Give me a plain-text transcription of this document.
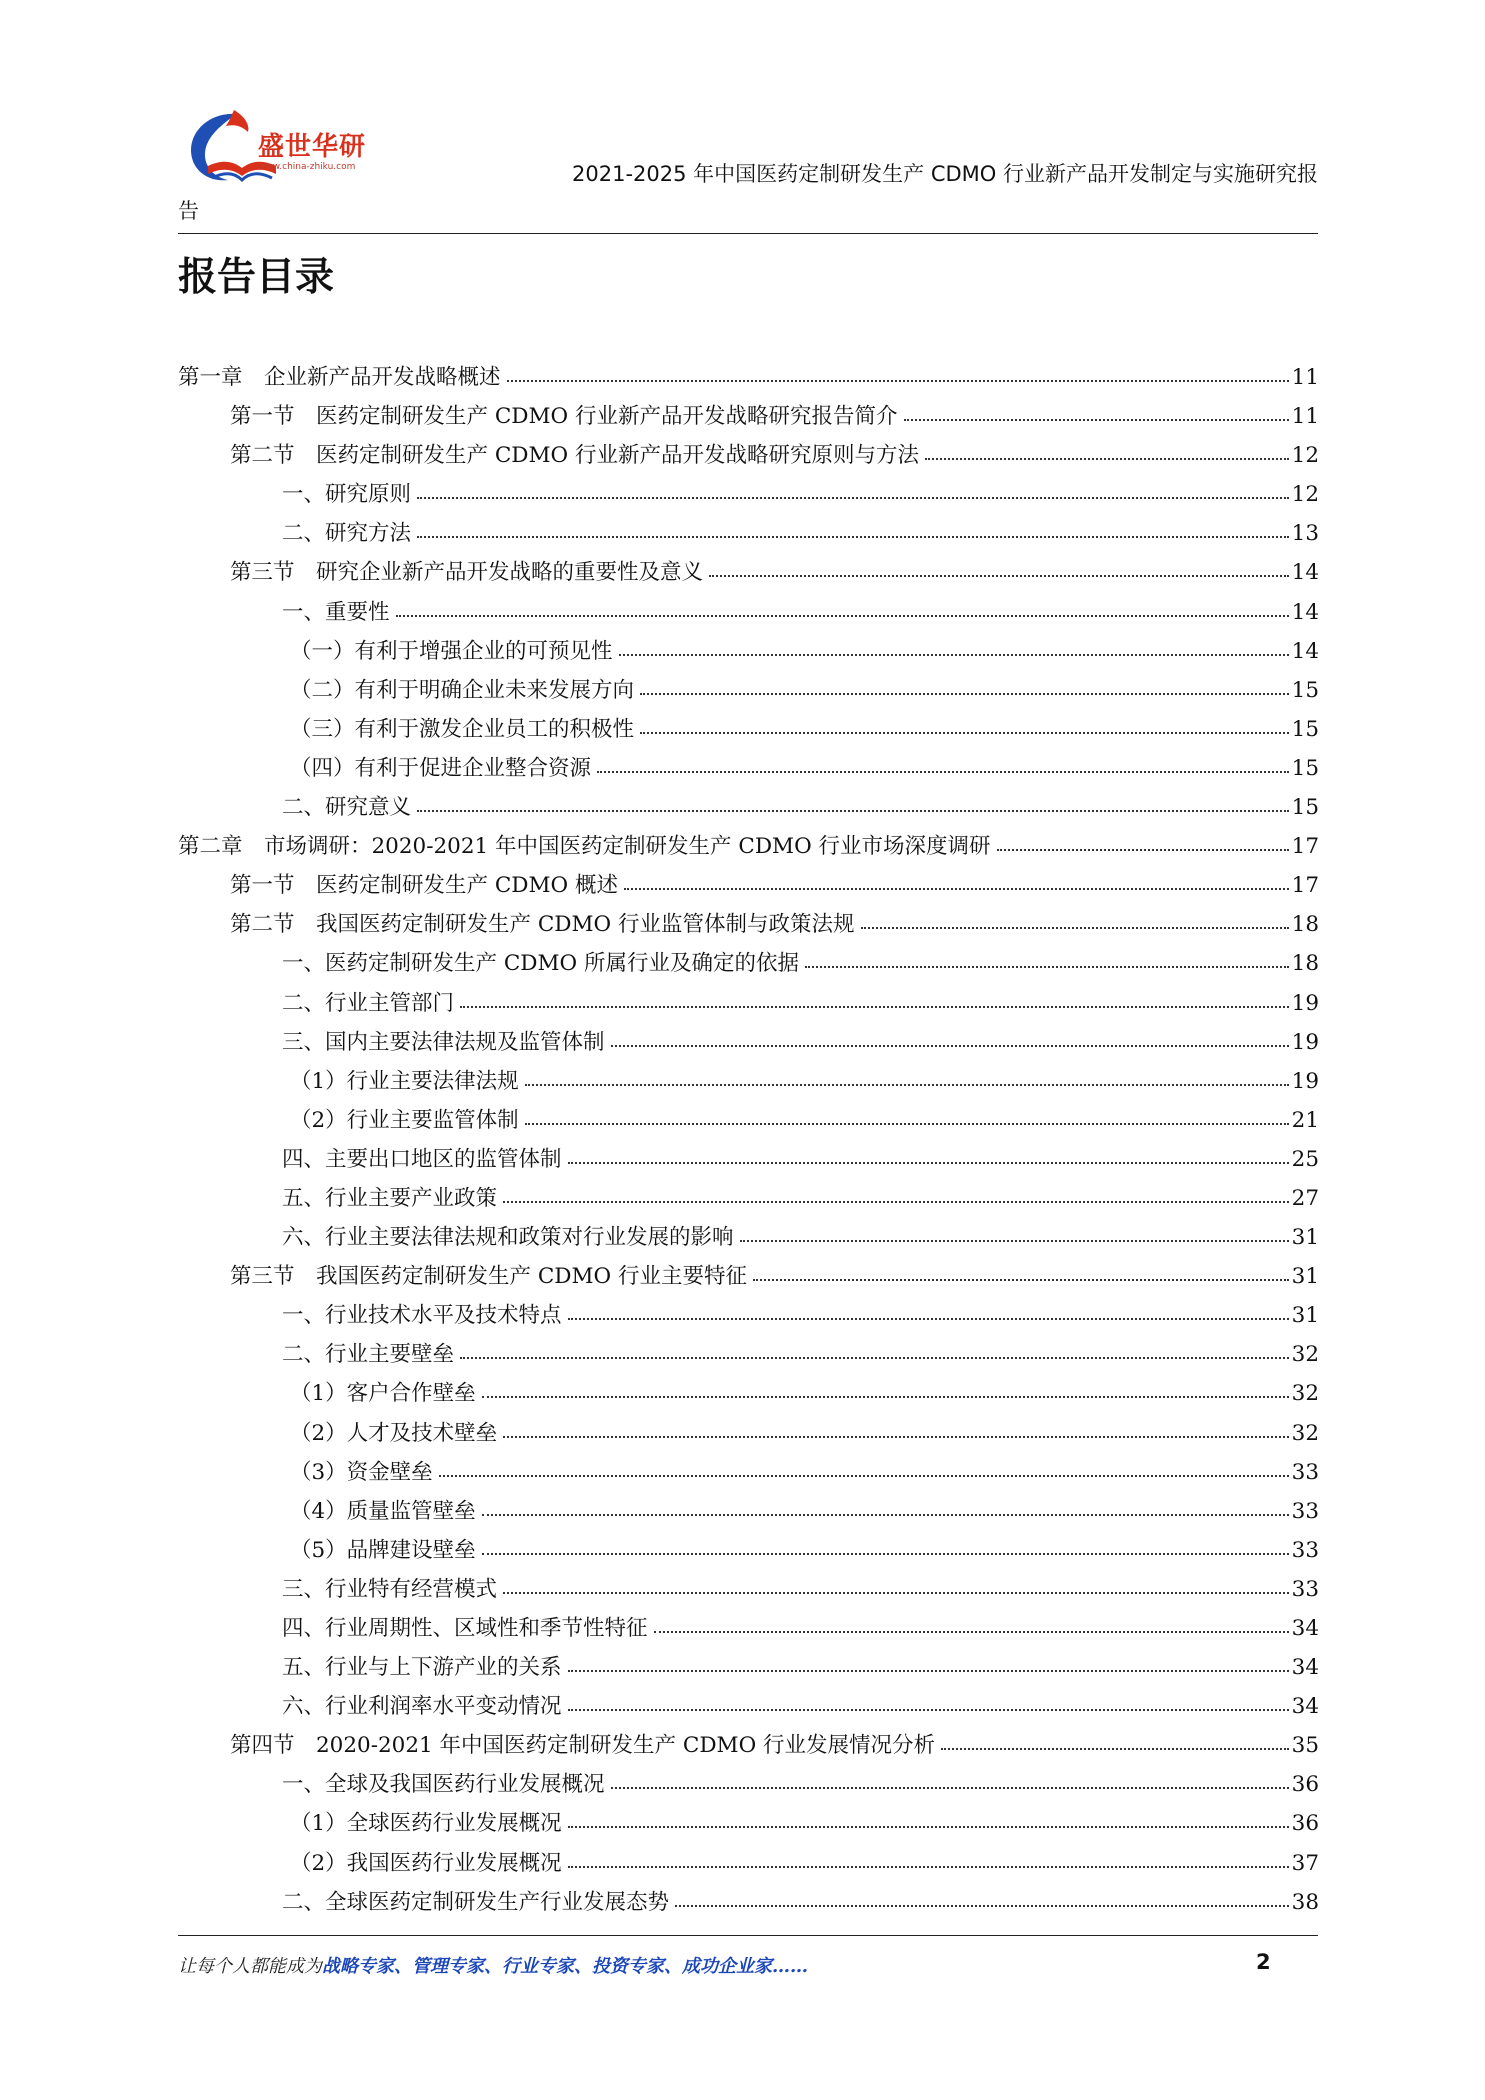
盛世华研
www.china-zhiku.com	2021-2025 年中国医药定制研发生产 CDMO 行业新产品开发制定与实施研究报
告
报告目录
第一章　企业新产品开发战略概述	11
第一节　医药定制研发生产 CDMO 行业新产品开发战略研究报告简介	11
第二节　医药定制研发生产 CDMO 行业新产品开发战略研究原则与方法	12
一、研究原则	12
二、研究方法	13
第三节　研究企业新产品开发战略的重要性及意义	14
一、重要性	14
（一）有利于增强企业的可预见性	14
（二）有利于明确企业未来发展方向	15
（三）有利于激发企业员工的积极性	15
（四）有利于促进企业整合资源	15
二、研究意义	15
第二章　市场调研：2020-2021 年中国医药定制研发生产 CDMO 行业市场深度调研	17
第一节　医药定制研发生产 CDMO 概述	17
第二节　我国医药定制研发生产 CDMO 行业监管体制与政策法规	18
一、医药定制研发生产 CDMO 所属行业及确定的依据	18
二、行业主管部门	19
三、国内主要法律法规及监管体制	19
（1）行业主要法律法规	19
（2）行业主要监管体制	21
四、主要出口地区的监管体制	25
五、行业主要产业政策	27
六、行业主要法律法规和政策对行业发展的影响	31
第三节　我国医药定制研发生产 CDMO 行业主要特征	31
一、行业技术水平及技术特点	31
二、行业主要壁垒	32
（1）客户合作壁垒	32
（2）人才及技术壁垒	32
（3）资金壁垒	33
（4）质量监管壁垒	33
（5）品牌建设壁垒	33
三、行业特有经营模式	33
四、行业周期性、区域性和季节性特征	34
五、行业与上下游产业的关系	34
六、行业利润率水平变动情况	34
第四节　2020-2021 年中国医药定制研发生产 CDMO 行业发展情况分析	35
一、全球及我国医药行业发展概况	36
（1）全球医药行业发展概况	36
（2）我国医药行业发展概况	37
二、全球医药定制研发生产行业发展态势	38
让每个人都能成为战略专家、管理专家、行业专家、投资专家、成功企业家……	2
